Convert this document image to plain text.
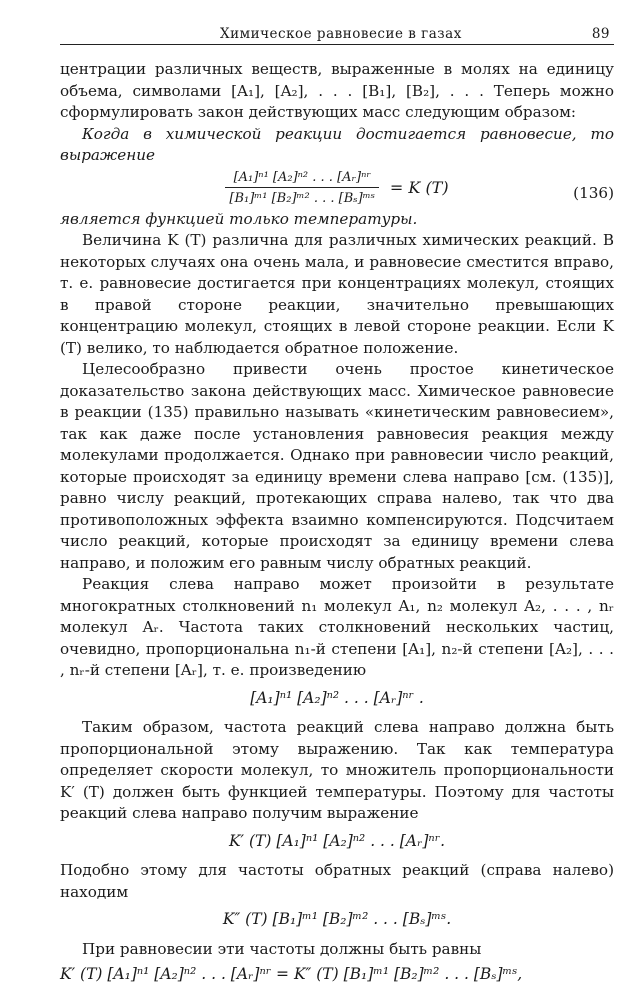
Химическое равновесие в газах	89

центрации различных веществ, выраженные в молях на единицу объема, символами [A₁], [A₂], . . . [B₁], [B₂], . . . Теперь можно сформулировать закон действующих масс следующим образом:

Когда в химической реакции достигается равновесие, то выражение

$\frac{\text{[A₁]ⁿ¹ [A₂]ⁿ² . . . [Aᵣ]ⁿʳ}}{\text{[B₁]ᵐ¹ [B₂]ᵐ² . . . [Bₛ]ᵐˢ}} = K$ (T)	(136)

является функцией только температуры.

Величина K (T) различна для различных химических реакций. В некоторых случаях она очень мала, и равновесие сместится вправо, т. е. равновесие достигается при концентрациях молекул, стоящих в правой стороне реакции, значительно превышающих концентрацию молекул, стоящих в левой стороне реакции. Если K (T) велико, то наблюдается обратное положение.

Целесообразно привести очень простое кинетическое доказательство закона действующих масс. Химическое равновесие в реакции (135) правильно называть «кинетическим равновесием», так как даже после установления равновесия реакция между молекулами продолжается. Однако при равновесии число реакций, которые происходят за единицу времени слева направо [см. (135)], равно числу реакций, протекающих справа налево, так что два противоположных эффекта взаимно компенсируются. Подсчитаем число реакций, которые происходят за единицу времени слева направо, и положим его равным числу обратных реакций.

Реакция слева направо может произойти в результате многократных столкновений n₁ молекул A₁, n₂ молекул A₂, . . . , nᵣ молекул Aᵣ. Частота таких столкновений нескольких частиц, очевидно, пропорциональна n₁-й степени [A₁], n₂-й степени [A₂], . . . , nᵣ-й степени [Aᵣ], т. е. произведению

[A₁]ⁿ¹ [A₂]ⁿ² . . . [Aᵣ]ⁿʳ .

Таким образом, частота реакций слева направо должна быть пропорциональной этому выражению. Так как температура определяет скорости молекул, то множитель пропорциональности K′ (T) должен быть функцией температуры. Поэтому для частоты реакций слева направо получим выражение

K′ (T) [A₁]ⁿ¹ [A₂]ⁿ² . . . [Aᵣ]ⁿʳ.

Подобно этому для частоты обратных реакций (справа налево) находим

K″ (T) [B₁]ᵐ¹ [B₂]ᵐ² . . . [Bₛ]ᵐˢ.

При равновесии эти частоты должны быть равны

K′ (T) [A₁]ⁿ¹ [A₂]ⁿ² . . . [Aᵣ]ⁿʳ = K″ (T) [B₁]ᵐ¹ [B₂]ᵐ² . . . [Bₛ]ᵐˢ,
